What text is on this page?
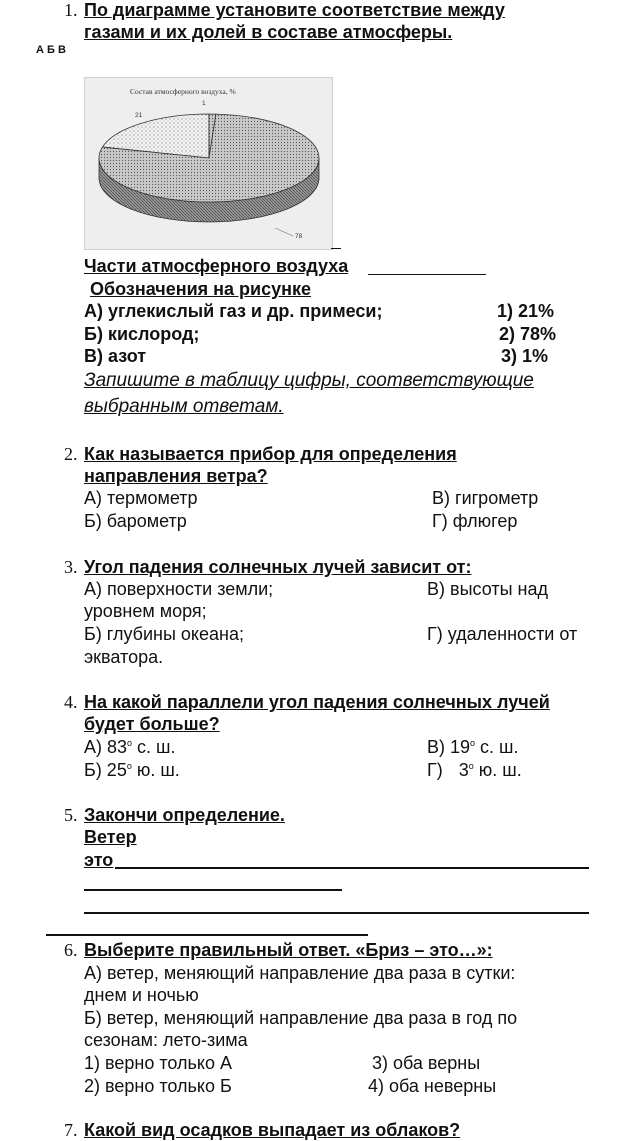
1. По диаграмме установите соответствие между
газами и их долей в составе атмосферы.
А Б В
Состав атмосферного воздуха, %
21
1
78
Части атмосферного воздуха
Обозначения на рисунке
А) углекислый газ и др. примеси;
Б) кислород;
В) азот
1) 21%
2) 78%
3) 1%
Запишите в таблицу цифры, соответствующие
выбранным ответам.
2. Как называется прибор для определения
направления ветра?
А) термометр
Б) барометр
В) гигрометр
Г) флюгер
3. Угол падения солнечных лучей зависит от:
А) поверхности земли;	В) высоты над
уровнем моря;
Б) глубины океана;	Г) удаленности от
экватора.
4. На какой параллели угол падения солнечных лучей
будет больше?
А) $83^о$ с. ш.
Б) $25^о$ ю. ш.
В) $19^о$ с. ш.
Г) $3^о$ ю. ш.
5. Закончи определение.
Ветер
это
6. Выберите правильный ответ. «Бриз – это…»:
А) ветер, меняющий направление два раза в сутки:
днем и ночью
Б) ветер, меняющий направление два раза в год по
сезонам: лето-зима
1) верно только А
2) верно только Б
3) оба верны
4) оба неверны
7. Какой вид осадков выпадает из облаков?
